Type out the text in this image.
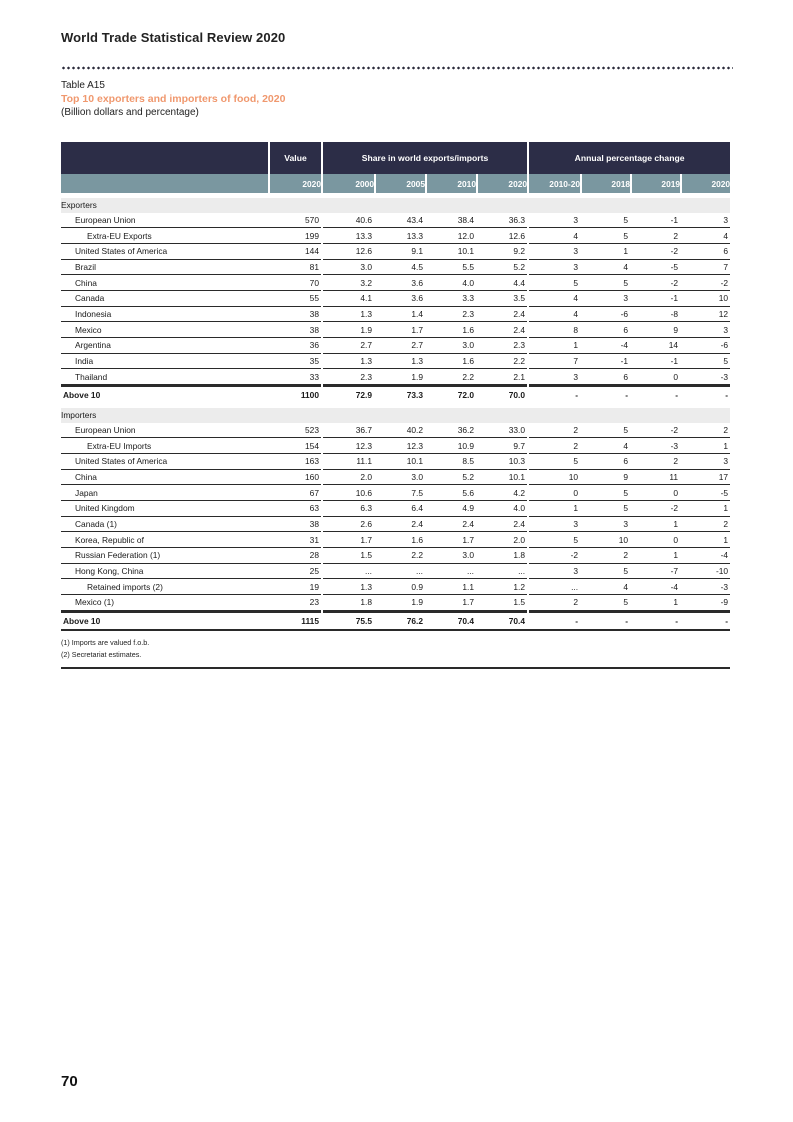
World Trade Statistical Review 2020
Table A15
Top 10 exporters and importers of food, 2020
(Billion dollars and percentage)
	Value		Share in world exports/imports					Annual percentage change			
	2020		2000	2005	2010	2020		2010-20	2018	2019	2020

Exporters											
European Union	570		40.6	43.4	38.4	36.3		3	5	-1	3
Extra-EU Exports	199		13.3	13.3	12.0	12.6		4	5	2	4
United States of America	144		12.6	9.1	10.1	9.2		3	1	-2	6
Brazil	81		3.0	4.5	5.5	5.2		3	4	-5	7
China	70		3.2	3.6	4.0	4.4		5	5	-2	-2
Canada	55		4.1	3.6	3.3	3.5		4	3	-1	10
Indonesia	38		1.3	1.4	2.3	2.4		4	-6	-8	12
Mexico	38		1.9	1.7	1.6	2.4		8	6	9	3
Argentina	36		2.7	2.7	3.0	2.3		1	-4	14	-6
India	35		1.3	1.3	1.6	2.2		7	-1	-1	5
Thailand	33		2.3	1.9	2.2	2.1		3	6	0	-3
Above 10	1100		72.9	73.3	72.0	70.0		-	-	-	-

Importers											
European Union	523		36.7	40.2	36.2	33.0		2	5	-2	2
Extra-EU Imports	154		12.3	12.3	10.9	9.7		2	4	-3	1
United States of America	163		11.1	10.1	8.5	10.3		5	6	2	3
China	160		2.0	3.0	5.2	10.1		10	9	11	17
Japan	67		10.6	7.5	5.6	4.2		0	5	0	-5
United Kingdom	63		6.3	6.4	4.9	4.0		1	5	-2	1
Canada (1)	38		2.6	2.4	2.4	2.4		3	3	1	2
Korea, Republic of	31		1.7	1.6	1.7	2.0		5	10	0	1
Russian Federation (1)	28		1.5	2.2	3.0	1.8		-2	2	1	-4
Hong Kong, China	25		...	...	...	...		3	5	-7	-10
Retained imports (2)	19		1.3	0.9	1.1	1.2		...	4	-4	-3
Mexico (1)	23		1.8	1.9	1.7	1.5		2	5	1	-9
Above 10	1115		75.5	76.2	70.4	70.4		-	-	-	-

(1) Imports are valued f.o.b.
(2) Secretariat estimates.
70
